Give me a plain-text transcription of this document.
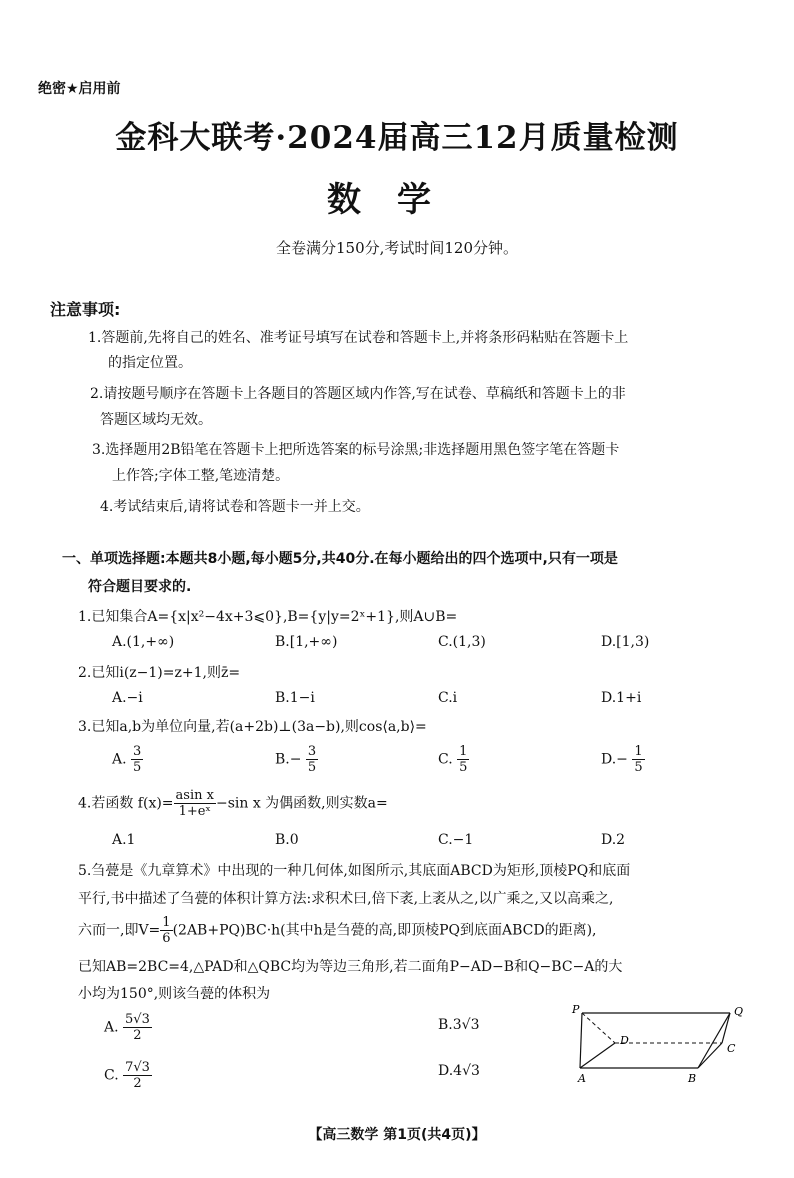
绝密★启用前
金科大联考·2024届高三12月质量检测
数学
全卷满分150分,考试时间120分钟。
注意事项:
1.答题前,先将自己的姓名、准考证号填写在试卷和答题卡上,并将条形码粘贴在答题卡上
的指定位置。
2.请按题号顺序在答题卡上各题目的答题区域内作答,写在试卷、草稿纸和答题卡上的非
答题区域均无效。
3.选择题用2B铅笔在答题卡上把所选答案的标号涂黑;非选择题用黑色签字笔在答题卡
上作答;字体工整,笔迹清楚。
4.考试结束后,请将试卷和答题卡一并上交。
一、单项选择题:本题共8小题,每小题5分,共40分.在每小题给出的四个选项中,只有一项是
符合题目要求的.
1.已知集合A={x|x²−4x+3⩽0},B={y|y=2ˣ+1},则A∪B=
A.(1,+∞)	B.[1,+∞)	C.(1,3)	D.[1,3)
2.已知i(z−1)=z+1,则z̄=
A.−i	B.1−i	C.i	D.1+i
3.已知a,b为单位向量,若(a+2b)⊥(3a−b),则cos⟨a,b⟩=
A. $\frac{3}{5}$	$B.- \frac{3}{5}$	C. $\frac{1}{5}$	$D.- \frac{1}{5}$
4.若函数 $f(x)= \frac{\text{asin x}}{\text{1+eˣ}} -\sin$ x 为偶函数,则实数a=
A.1	B.0	C.−1	D.2
5.刍甍是《九章算术》中出现的一种几何体,如图所示,其底面ABCD为矩形,顶棱PQ和底面
平行,书中描述了刍甍的体积计算方法:求积术曰,倍下袤,上袤从之,以广乘之,又以高乘之,
六而一,即$V= \frac{1}{6} (2AB+PQ)BC\cdot h$(其中h是刍甍的高,即顶棱PQ到底面ABCD的距离),
已知AB=2BC=4,△PAD和△QBC均为等边三角形,若二面角P−AD−B和Q−BC−A的大
小均为150°,则该刍甍的体积为
A. $\frac{5√3}{2}$	B.3√3
C. $\frac{7√3}{2}$	D.4√3
P	Q
D
C
A	B
【高三数学 第1页(共4页)】
